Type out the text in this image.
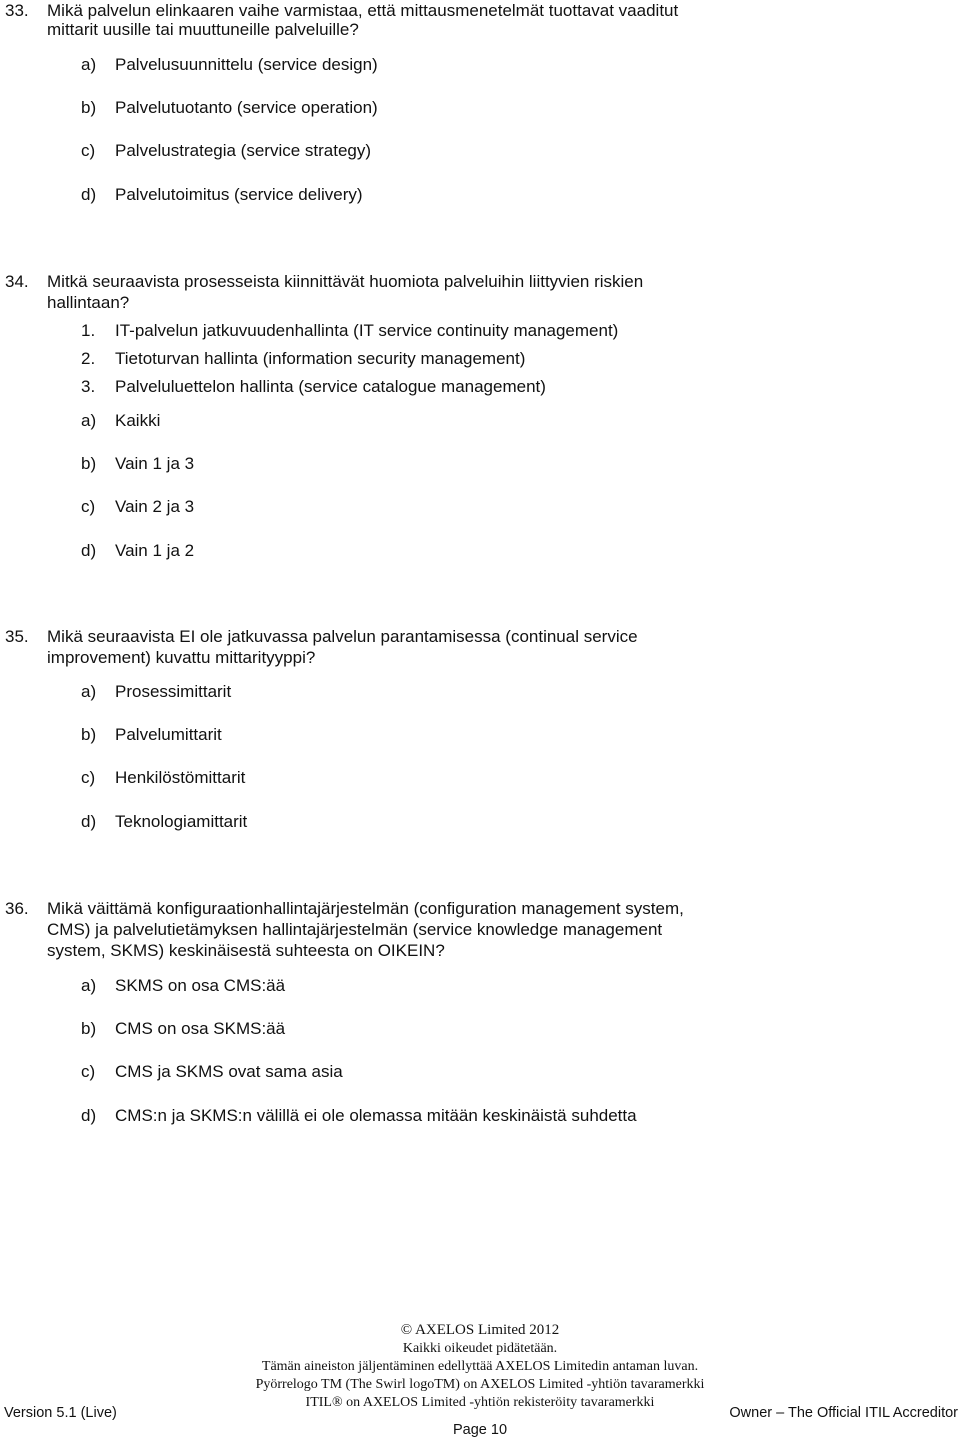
33. Mikä palvelun elinkaaren vaihe varmistaa, että mittausmenetelmät tuottavat vaaditut
mittarit uusille tai muuttuneille palveluille?
a) Palvelusuunnittelu (service design)
b) Palvelutuotanto (service operation)
c) Palvelustrategia (service strategy)
d) Palvelutoimitus (service delivery)
34. Mitkä seuraavista prosesseista kiinnittävät huomiota palveluihin liittyvien riskien
hallintaan?
1. IT-palvelun jatkuvuudenhallinta (IT service continuity management)
2. Tietoturvan hallinta (information security management)
3. Palveluluettelon hallinta (service catalogue management)
a) Kaikki
b) Vain 1 ja 3
c) Vain 2 ja 3
d) Vain 1 ja 2
35. Mikä seuraavista EI ole jatkuvassa palvelun parantamisessa (continual service
improvement) kuvattu mittarityyppi?
a) Prosessimittarit
b) Palvelumittarit
c) Henkilöstömittarit
d) Teknologiamittarit
36. Mikä väittämä konfiguraationhallintajärjestelmän (configuration management system,
CMS) ja palvelutietämyksen hallintajärjestelmän (service knowledge management
system, SKMS) keskinäisestä suhteesta on OIKEIN?
a) SKMS on osa CMS:ää
b) CMS on osa SKMS:ää
c) CMS ja SKMS ovat sama asia
d) CMS:n ja SKMS:n välillä ei ole olemassa mitään keskinäistä suhdetta
© AXELOS Limited 2012
Kaikki oikeudet pidätetään.
Tämän aineiston jäljentäminen edellyttää AXELOS Limitedin antaman luvan.
Pyörrelogo TM (The Swirl logoTM) on AXELOS Limited -yhtiön tavaramerkki
ITIL® on AXELOS Limited -yhtiön rekisteröity tavaramerkki
Version 5.1 (Live)	Owner – The Official ITIL Accreditor
Page 10
